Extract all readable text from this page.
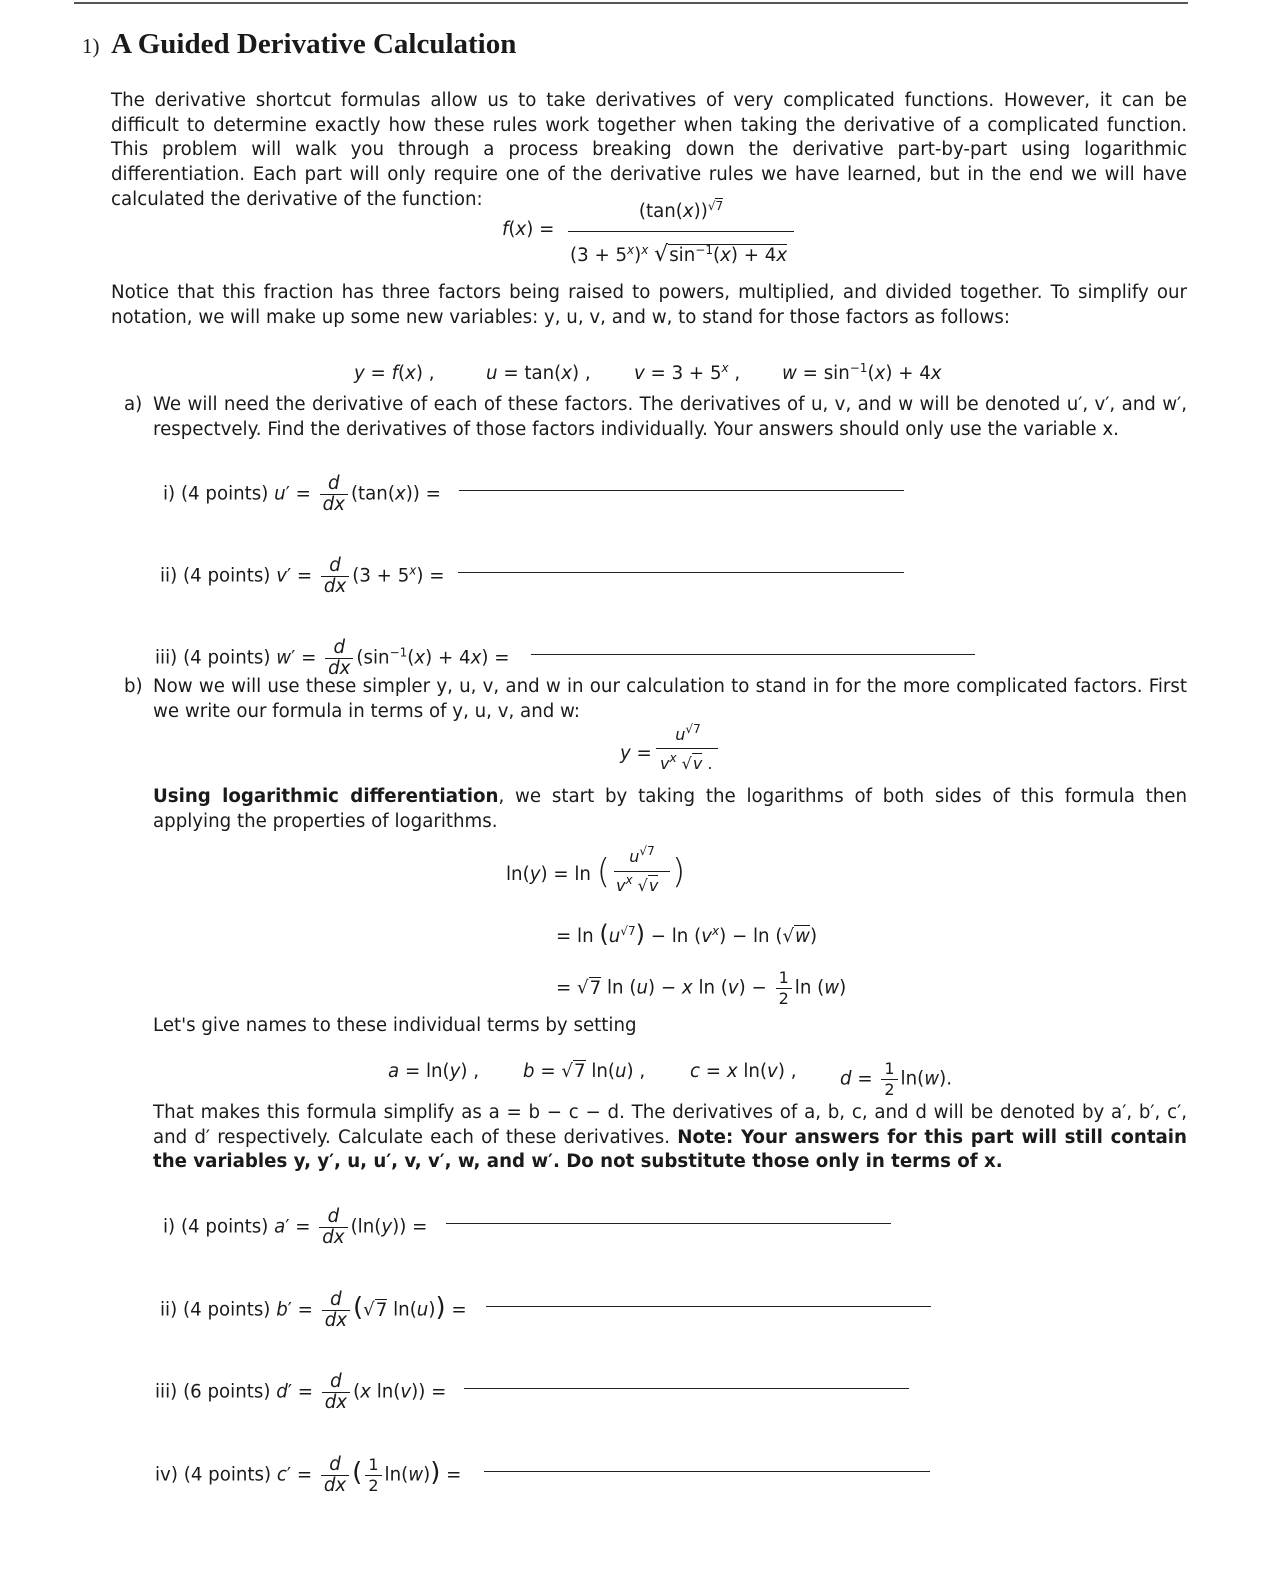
1) A Guided Derivative Calculation
The derivative shortcut formulas allow us to take derivatives of very complicated functions. However, it can be difficult to determine exactly how these rules work together when taking the derivative of a complicated function. This problem will walk you through a process breaking down the derivative part-by-part using logarithmic differentiation. Each part will only require one of the derivative rules we have learned, but in the end we will have calculated the derivative of the function:
f(x) =
$(\tan(x))^{√7}$
$(3 + 5^x)^x$ $√\sin^{-1}(x) + 4x$
Notice that this fraction has three factors being raised to powers, multiplied, and divided together. To simplify our notation, we will make up some new variables: y, u, v, and w, to stand for those factors as follows:
y = f(x) ,	u = tan(x) , $v = 3 + 5^x$ , $w = \sin^{-1}(x) + 4x$
a) We will need the derivative of each of these factors. The derivatives of u, v, and w will be denoted u′, v′, and w′, respectvely. Find the derivatives of those factors individually. Your answers should only use the variable x.
i) (4 points) $u' = \frac{d}{dx} (\tan(x))$ =
ii) (4 points) $v' = \frac{d}{dx} (3 + 5^x)$ =
iii) (4 points) $w' = \frac{d}{dx} (\sin^{-1}(x) + 4x)$ =
b) Now we will use these simpler y, u, v, and w in our calculation to stand in for the more complicated factors. First we write our formula in terms of y, u, v, and w:
y =
$u^{√7}$
$v^x$ √v .
Using logarithmic differentiation, we start by taking the logarithms of both sides of this formula then applying the properties of logarithms.
ln(y) = ln (	$u^{√7}$
$v^x$ √v )
= $\ln (u^{√7}) - \ln (v^x) - \ln (√w)$
= √7 ln (u) − x $\ln (v) - \frac{1}{2}$ ln (w)
Let's give names to these individual terms by setting
a = ln(y) , b = √7 ln(u) , c = x ln(v) , $d = \frac{1}{2} \ln(w)$.
That makes this formula simplify as a = b − c − d. The derivatives of a, b, c, and d will be denoted by a′, b′, c′, and d′ respectively. Calculate each of these derivatives. Note: Your answers for this part will still contain the variables y, y′, u, u′, v, v′, w, and w′. Do not substitute those only in terms of x.
i) (4 points) $a' = \frac{d}{dx} (\ln(y))$ =
ii) (4 points) $b' = \frac{d}{dx} (√7$ ln(u)) =
iii) (6 points) $d' = \frac{d}{dx} (x$ ln(v)) =
iv) (4 points) $c' = \frac{d}{dx}$ ( $\frac{1}{2} \ln(w)$) =
